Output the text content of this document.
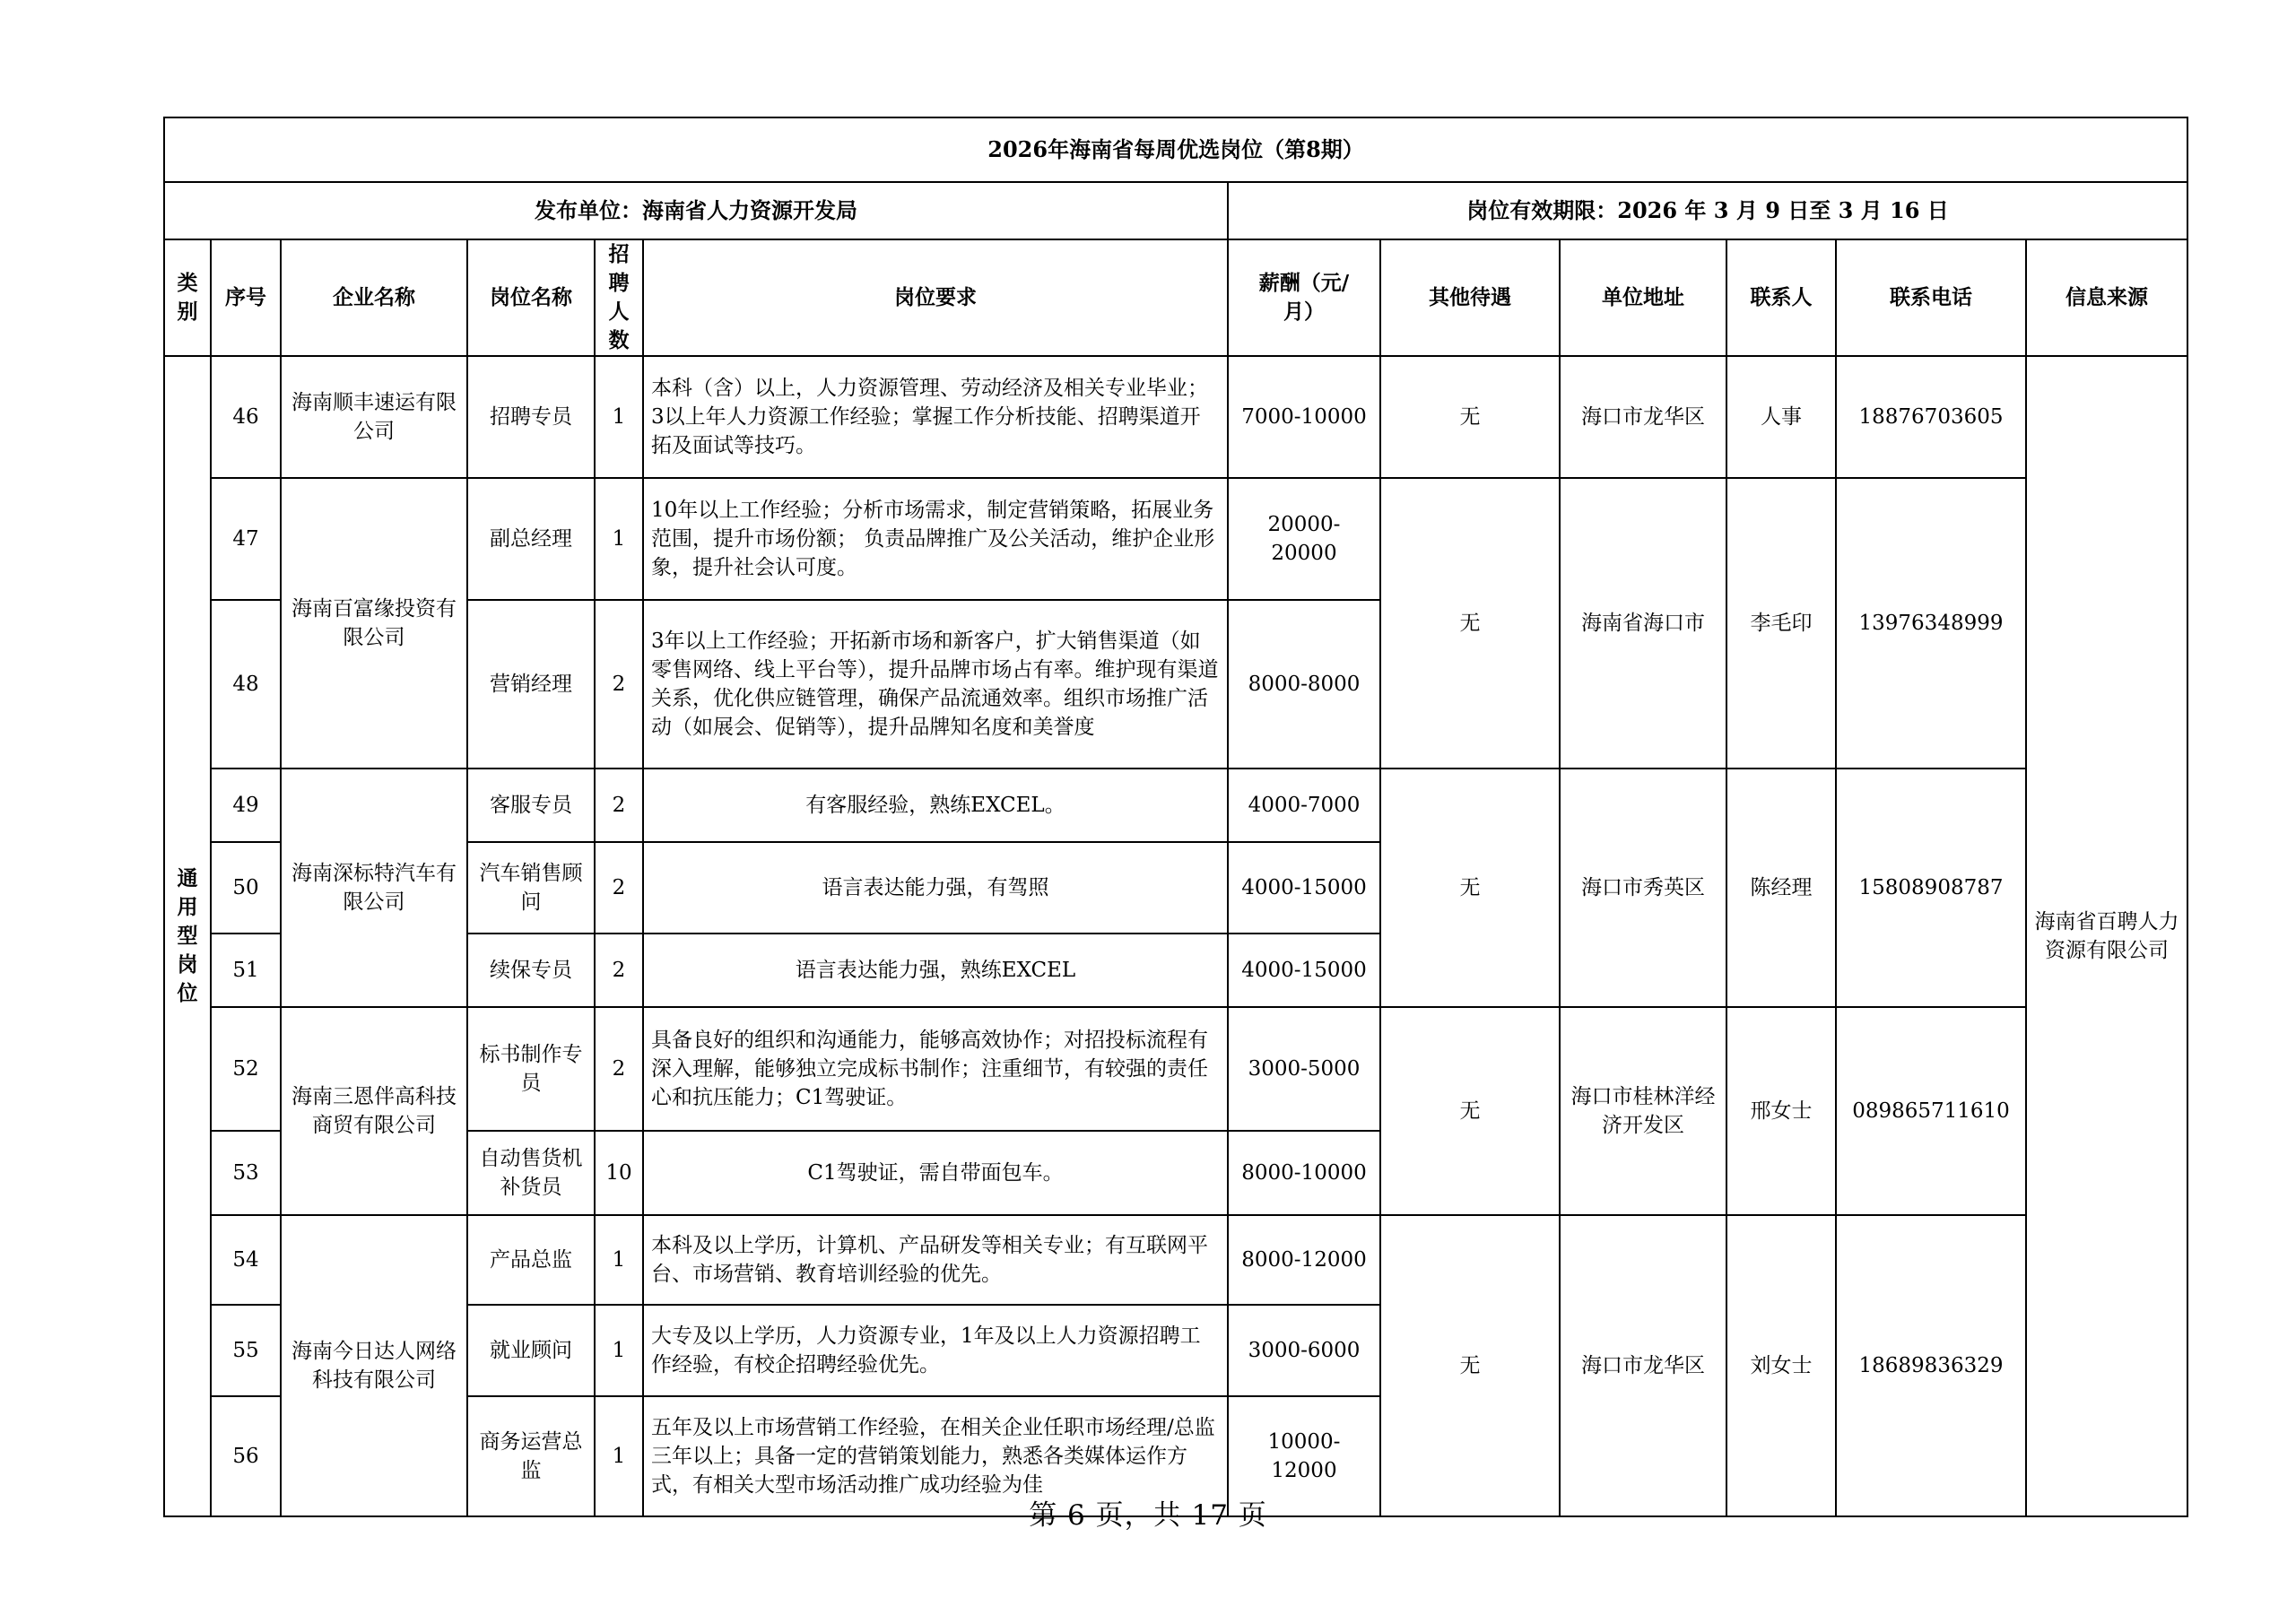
2026年海南省每周优选岗位（第8期）											
发布单位：海南省人力资源开发局						岗位有效期限：2026 年 3 月 9 日至 3 月 16 日					
类别	序号	企业名称	岗位名称	招聘人数	岗位要求	薪酬（元/月）	其他待遇	单位地址	联系人	联系电话	信息来源
通用型岗位	46	海南顺丰速运有限公司	招聘专员	1	本科（含）以上，人力资源管理、劳动经济及相关专业毕业；3以上年人力资源工作经验；掌握工作分析技能、招聘渠道开拓及面试等技巧。	7000-10000	无	海口市龙华区	人事	18876703605	海南省百聘人力资源有限公司
	47	海南百富缘投资有限公司	副总经理	1	10年以上工作经验；分析市场需求，制定营销策略，拓展业务范围，提升市场份额； 负责品牌推广及公关活动，维护企业形象，提升社会认可度。	20000-20000	无	海南省海口市	李毛印	13976348999	
	48		营销经理	2	3年以上工作经验；开拓新市场和新客户，扩大销售渠道（如零售网络、线上平台等），提升品牌市场占有率。维护现有渠道关系，优化供应链管理，确保产品流通效率。组织市场推广活动（如展会、促销等），提升品牌知名度和美誉度	8000-8000					
	49	海南深标特汽车有限公司	客服专员	2	有客服经验，熟练EXCEL。	4000-7000	无	海口市秀英区	陈经理	15808908787	
	50		汽车销售顾问	2	语言表达能力强，有驾照	4000-15000					
	51		续保专员	2	语言表达能力强，熟练EXCEL	4000-15000					
	52	海南三恩伴高科技商贸有限公司	标书制作专员	2	具备良好的组织和沟通能力，能够高效协作；对招投标流程有深入理解，能够独立完成标书制作；注重细节，有较强的责任心和抗压能力；C1驾驶证。	3000-5000	无	海口市桂林洋经济开发区	邢女士	089865711610	
	53		自动售货机补货员	10	C1驾驶证，需自带面包车。	8000-10000					
	54	海南今日达人网络科技有限公司	产品总监	1	本科及以上学历，计算机、产品研发等相关专业；有互联网平台、市场营销、教育培训经验的优先。	8000-12000	无	海口市龙华区	刘女士	18689836329	
	55		就业顾问	1	大专及以上学历，人力资源专业，1年及以上人力资源招聘工作经验，有校企招聘经验优先。	3000-6000					
	56		商务运营总监	1	五年及以上市场营销工作经验，在相关企业任职市场经理/总监三年以上；具备一定的营销策划能力，熟悉各类媒体运作方式，有相关大型市场活动推广成功经验为佳	10000-12000					
第 6 页，共 17 页
